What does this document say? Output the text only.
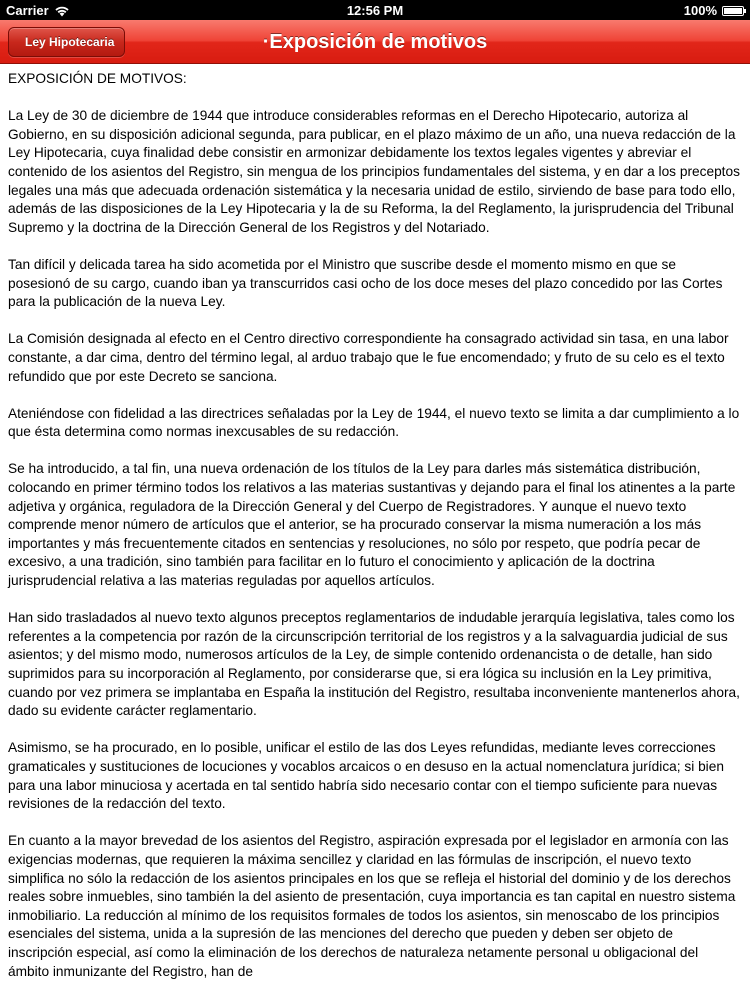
Carrier	12:56 PM	100%
Ley Hipotecaria	·Exposición de motivos
EXPOSICIÓN DE MOTIVOS:

La Ley de 30 de diciembre de 1944 que introduce considerables reformas en el Derecho Hipotecario, autoriza al Gobierno, en su disposición adicional segunda, para publicar, en el plazo máximo de un año, una nueva redacción de la Ley Hipotecaria, cuya finalidad debe consistir en armonizar debidamente los textos legales vigentes y abreviar el contenido de los asientos del Registro, sin mengua de los principios fundamentales del sistema, y en dar a los preceptos legales una más que adecuada ordenación sistemática y la necesaria unidad de estilo, sirviendo de base para todo ello, además de las disposiciones de la Ley Hipotecaria y la de su Reforma, la del Reglamento, la jurisprudencia del Tribunal Supremo y la doctrina de la Dirección General de los Registros y del Notariado.

Tan difícil y delicada tarea ha sido acometida por el Ministro que suscribe desde el momento mismo en que se posesionó de su cargo, cuando iban ya transcurridos casi ocho de los doce meses del plazo concedido por las Cortes para la publicación de la nueva Ley.

La Comisión designada al efecto en el Centro directivo correspondiente ha consagrado actividad sin tasa, en una labor constante, a dar cima, dentro del término legal, al arduo trabajo que le fue encomendado; y fruto de su celo es el texto refundido que por este Decreto se sanciona.

Ateniéndose con fidelidad a las directrices señaladas por la Ley de 1944, el nuevo texto se limita a dar cumplimiento a lo que ésta determina como normas inexcusables de su redacción.

Se ha introducido, a tal fin, una nueva ordenación de los títulos de la Ley para darles más sistemática distribución, colocando en primer término todos los relativos a las materias sustantivas y dejando para el final los atinentes a la parte adjetiva y orgánica, reguladora de la Dirección General y del Cuerpo de Registradores. Y aunque el nuevo texto comprende menor número de artículos que el anterior, se ha procurado conservar la misma numeración a los más importantes y más frecuentemente citados en sentencias y resoluciones, no sólo por respeto, que podría pecar de excesivo, a una tradición, sino también para facilitar en lo futuro el conocimiento y aplicación de la doctrina jurisprudencial relativa a las materias reguladas por aquellos artículos.

Han sido trasladados al nuevo texto algunos preceptos reglamentarios de indudable jerarquía legislativa, tales como los referentes a la competencia por razón de la circunscripción territorial de los registros y a la salvaguardia judicial de sus asientos; y del mismo modo, numerosos artículos de la Ley, de simple contenido ordenancista o de detalle, han sido suprimidos para su incorporación al Reglamento, por considerarse que, si era lógica su inclusión en la Ley primitiva, cuando por vez primera se implantaba en España la institución del Registro, resultaba inconveniente mantenerlos ahora, dado su evidente carácter reglamentario.

Asimismo, se ha procurado, en lo posible, unificar el estilo de las dos Leyes refundidas, mediante leves correcciones gramaticales y sustituciones de locuciones y vocablos arcaicos o en desuso en la actual nomenclatura jurídica; si bien para una labor minuciosa y acertada en tal sentido habría sido necesario contar con el tiempo suficiente para nuevas revisiones de la redacción del texto.

En cuanto a la mayor brevedad de los asientos del Registro, aspiración expresada por el legislador en armonía con las exigencias modernas, que requieren la máxima sencillez y claridad en las fórmulas de inscripción, el nuevo texto simplifica no sólo la redacción de los asientos principales en los que se refleja el historial del dominio y de los derechos reales sobre inmuebles, sino también la del asiento de presentación, cuya importancia es tan capital en nuestro sistema inmobiliario. La reducción al mínimo de los requisitos formales de todos los asientos, sin menoscabo de los principios esenciales del sistema, unida a la supresión de las menciones del derecho que pueden y deben ser objeto de inscripción especial, así como la eliminación de los derechos de naturaleza netamente personal u obligacional del ámbito inmunizante del Registro, han de
